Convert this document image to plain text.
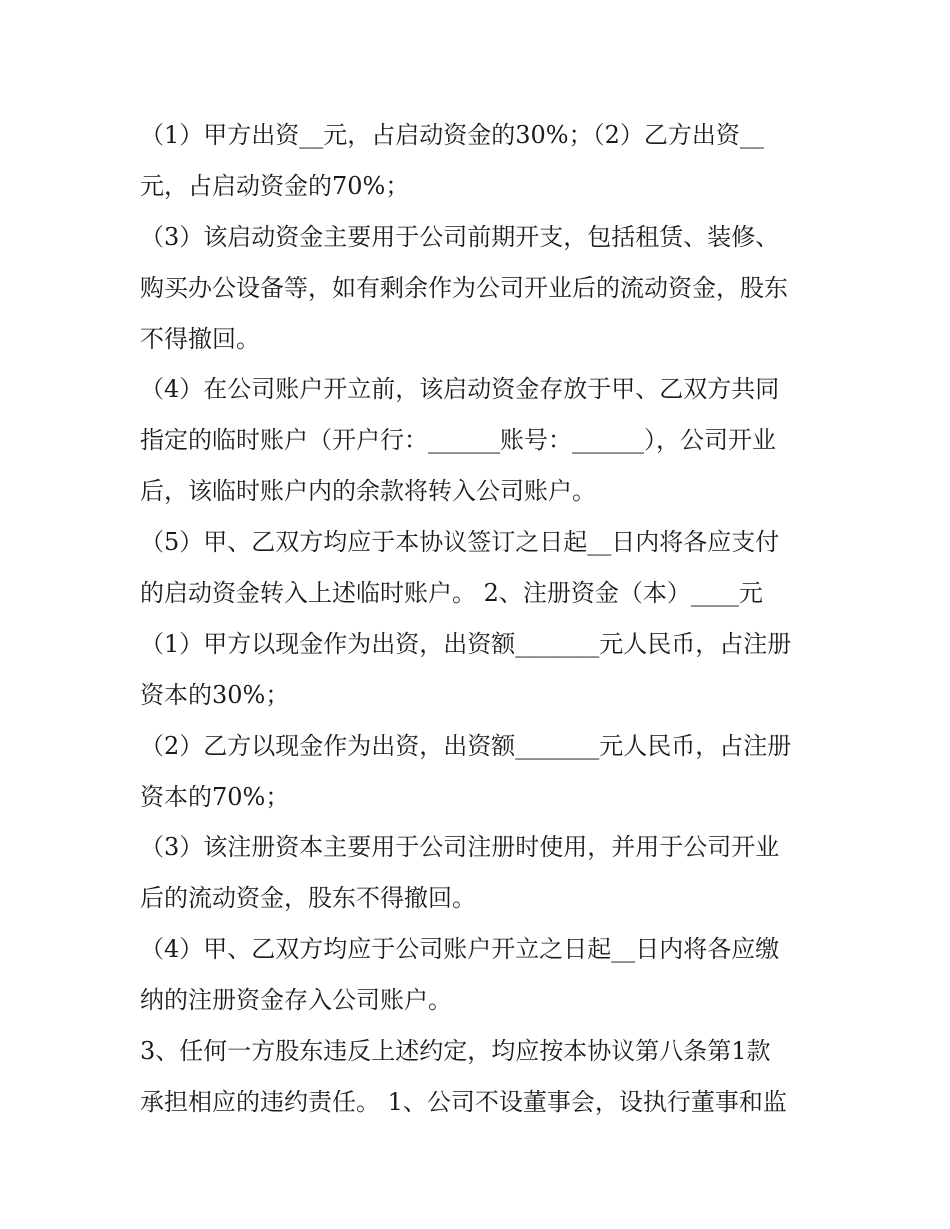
（1）甲方出资__元，占启动资金的30%；（2）乙方出资__
元，占启动资金的70%；
（3）该启动资金主要用于公司前期开支，包括租赁、装修、
购买办公设备等，如有剩余作为公司开业后的流动资金，股东
不得撤回。
（4）在公司账户开立前，该启动资金存放于甲、乙双方共同
指定的临时账户（开户行：______账号：______），公司开业
后，该临时账户内的余款将转入公司账户。
（5）甲、乙双方均应于本协议签订之日起__日内将各应支付
的启动资金转入上述临时账户。 2、注册资金（本）____元
（1）甲方以现金作为出资，出资额_______元人民币，占注册
资本的30%；
（2）乙方以现金作为出资，出资额_______元人民币，占注册
资本的70%；
（3）该注册资本主要用于公司注册时使用，并用于公司开业
后的流动资金，股东不得撤回。
（4）甲、乙双方均应于公司账户开立之日起__日内将各应缴
纳的注册资金存入公司账户。
3、任何一方股东违反上述约定，均应按本协议第八条第1款
承担相应的违约责任。 1、公司不设董事会，设执行董事和监
